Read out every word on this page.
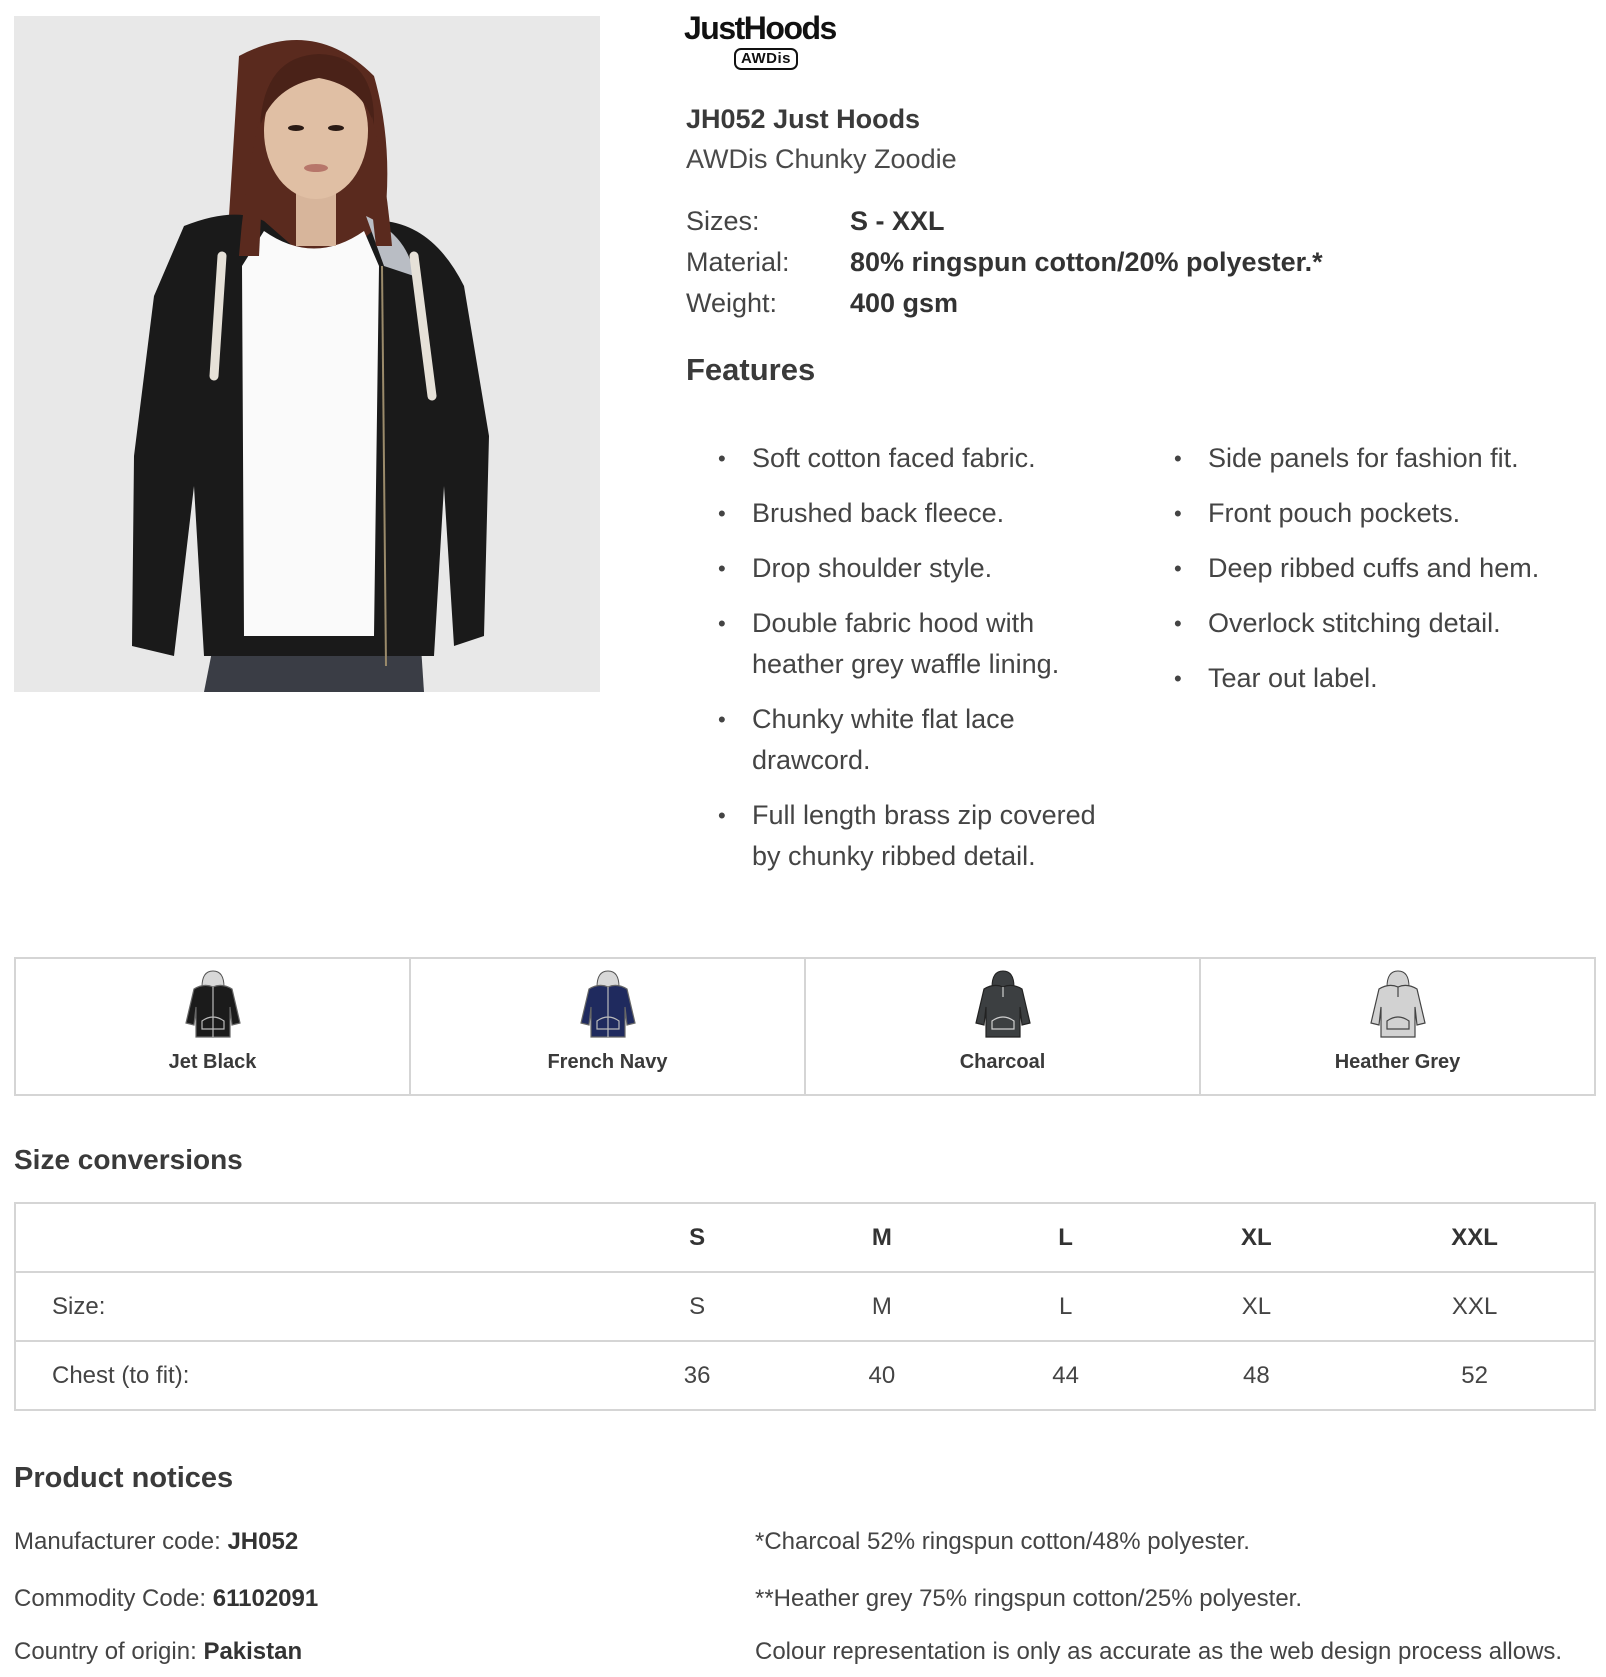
JustHoods
AWDis
JH052 Just Hoods
AWDis Chunky Zoodie
Sizes:	S - XXL
Material:	80% ringspun cotton/20% polyester.*
Weight:	400 gsm
Features
• Soft cotton faced fabric.
• Brushed back fleece.
• Drop shoulder style.
• Double fabric hood with heather grey waffle lining.
• Chunky white flat lace drawcord.
• Full length brass zip covered by chunky ribbed detail.
• Side panels for fashion fit.
• Front pouch pockets.
• Deep ribbed cuffs and hem.
• Overlock stitching detail.
• Tear out label.
Jet Black	French Navy	Charcoal	Heather Grey
Size conversions
	S	M	L	XL	XXL
Size:	S	M	L	XL	XXL
Chest (to fit):	36	40	44	48	52
Product notices
Manufacturer code: JH052
Commodity Code: 61102091
Country of origin: Pakistan
*Charcoal 52% ringspun cotton/48% polyester.
**Heather grey 75% ringspun cotton/25% polyester.
Colour representation is only as accurate as the web design process allows.
